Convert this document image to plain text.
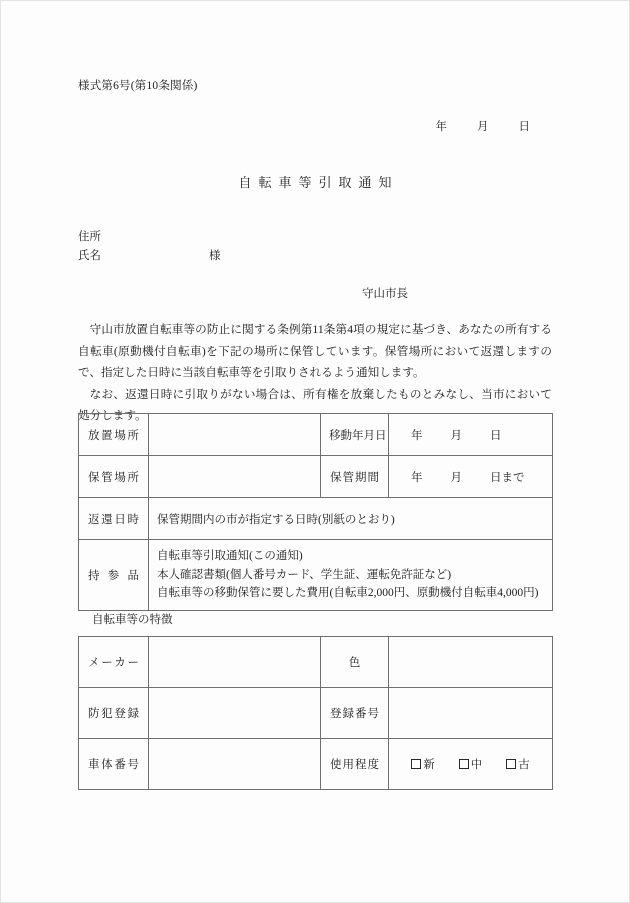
様式第6号(第10条関係)
年	月	日
自転車等引取通知
住所
氏名	様
守山市長

守山市放置自転車等の防止に関する条例第11条第4項の規定に基づき、あなたの所有する自転車(原動機付自転車)を下記の場所に保管しています。保管場所において返還しますので、指定した日時に当該自転車等を引取りされるよう通知します。

なお、返還日時に引取りがない場合は、所有権を放棄したものとみなし、当市において処分します。

放置場所		移動年月日	年 月 日
保管場所		保管期間	年 月 日まで
返還日時	保管期間内の市が指定する日時(別紙のとおり)		
持参品	自転車等引取通知(この通知)
本人確認書類(個人番号カード、学生証、運転免許証など)
自転車等の移動保管に要した費用(自転車2,000円、原動機付自転車4,000円)		
自転車等の特徴
メーカー		色	
防犯登録		登録番号	
車体番号		使用程度	新 中 古
